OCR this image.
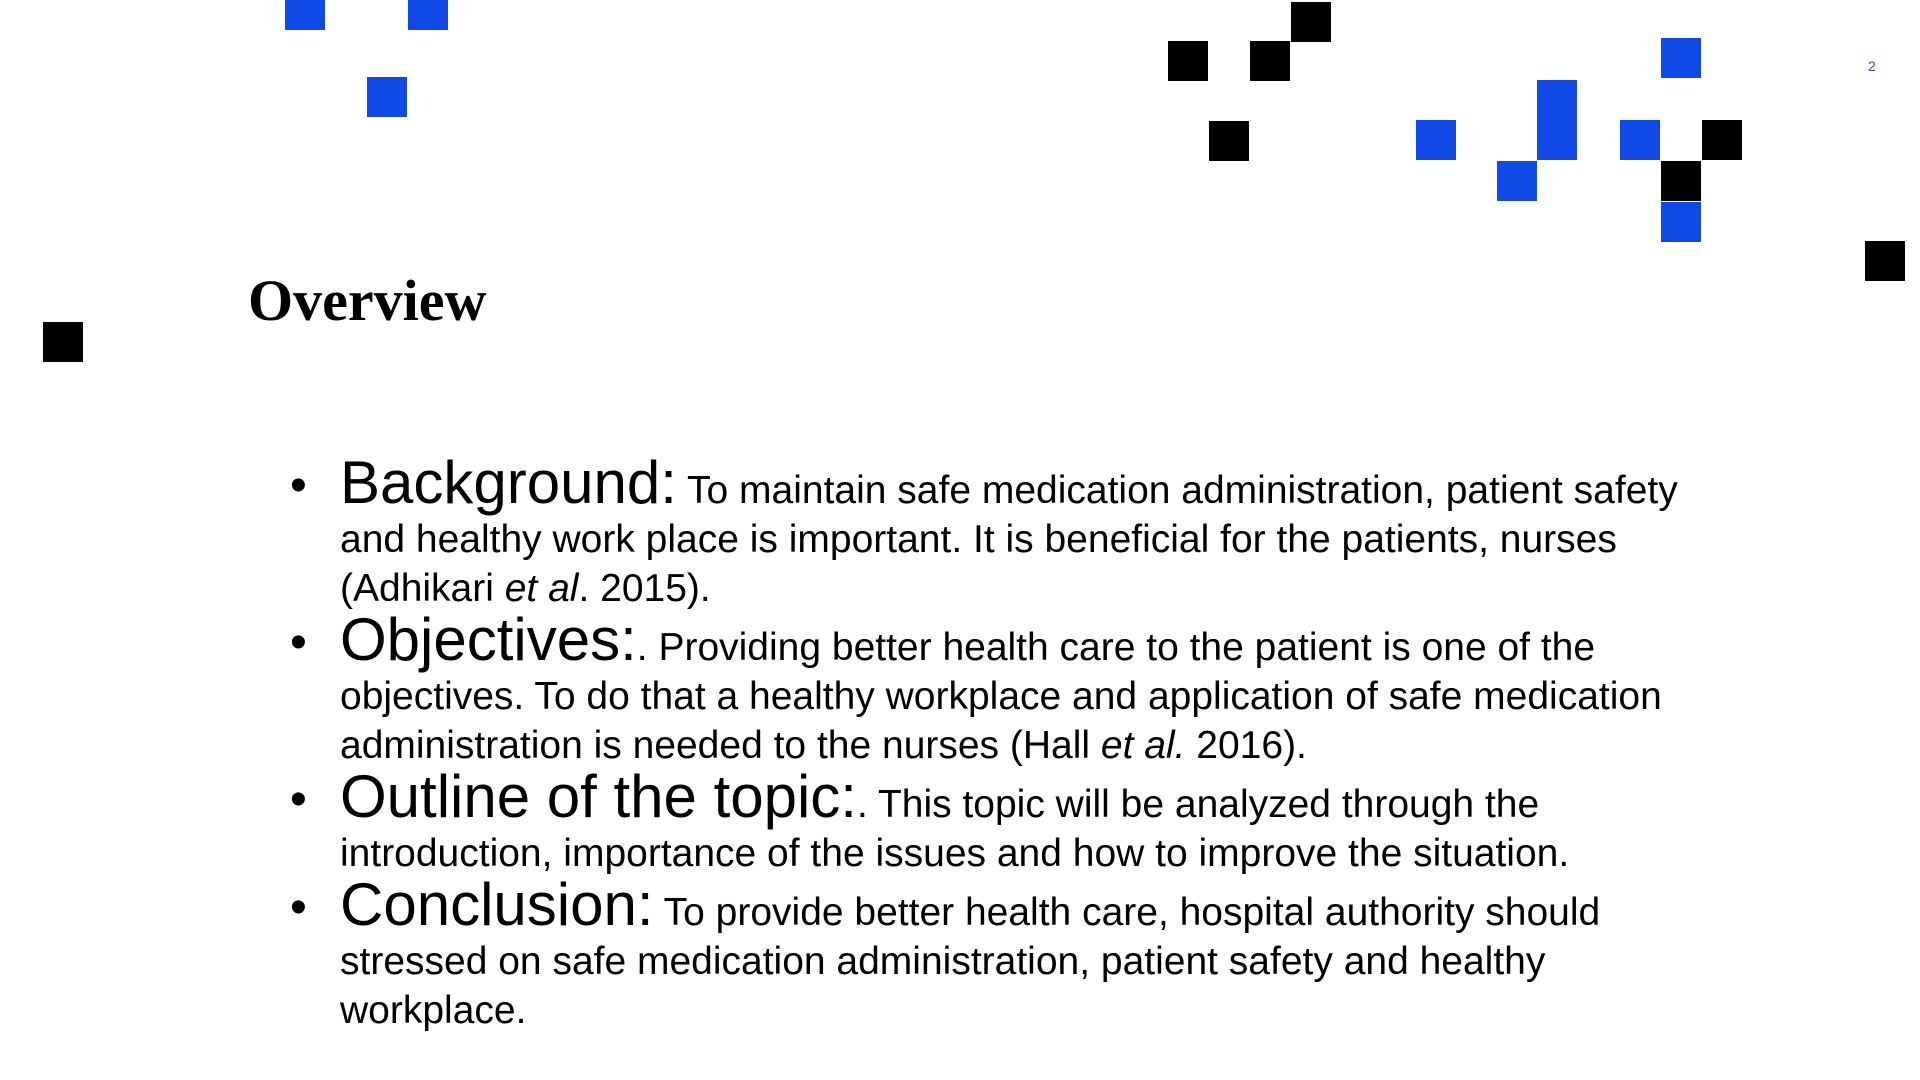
2
Overview
• Background: To maintain safe medication administration, patient safety and healthy work place is important. It is beneficial for the patients, nurses (Adhikari et al. 2015).
• Objectives:. Providing better health care to the patient is one of the objectives. To do that a healthy workplace and application of safe medication administration is needed to the nurses (Hall et al. 2016).
• Outline of the topic:. This topic will be analyzed through the introduction, importance of the issues and how to improve the situation.
• Conclusion: To provide better health care, hospital authority should stressed on safe medication administration, patient safety and healthy workplace.
